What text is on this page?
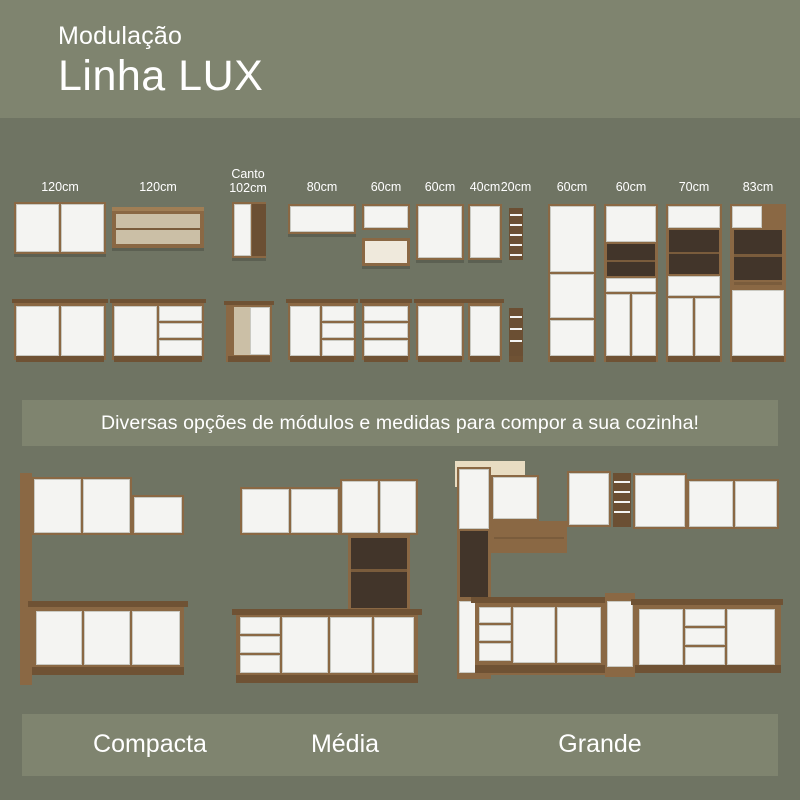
Modulação
Linha LUX
120cm	120cm
Canto
102cm	80cm	60cm 60cm 40cm 20cm 60cm 60cm	70cm	83cm
Diversas opções de módulos e medidas para compor a sua cozinha!
Compacta	Média	Grande
